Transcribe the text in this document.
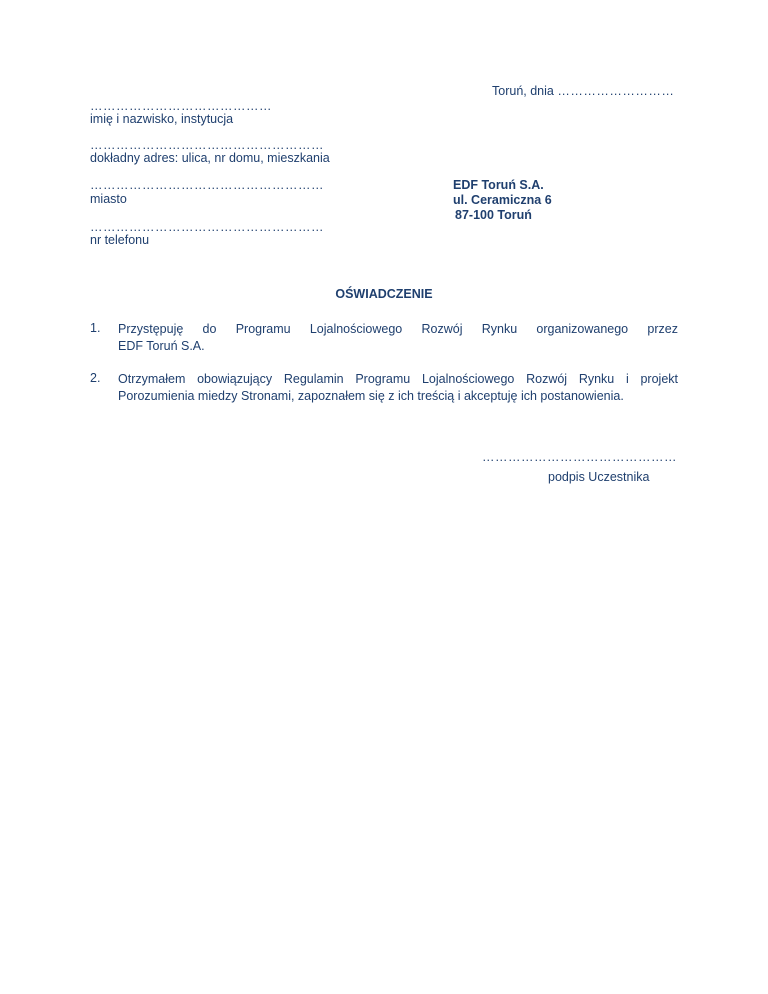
Toruń, dnia ………………………
……………………………………
imię i nazwisko, instytucja
………………………………………………
dokładny adres: ulica, nr domu, mieszkania
………………………………………………
miasto
………………………………………………
nr telefonu
EDF Toruń S.A.
ul. Ceramiczna 6
87-100 Toruń
OŚWIADCZENIE
1. Przystępuję do Programu Lojalnościowego Rozwój Rynku organizowanego przez
EDF Toruń S.A.
2. Otrzymałem obowiązujący Regulamin Programu Lojalnościowego Rozwój Rynku i projekt
Porozumienia miedzy Stronami, zapoznałem się z ich treścią i akceptuję ich postanowienia.
………………………………………
podpis Uczestnika
